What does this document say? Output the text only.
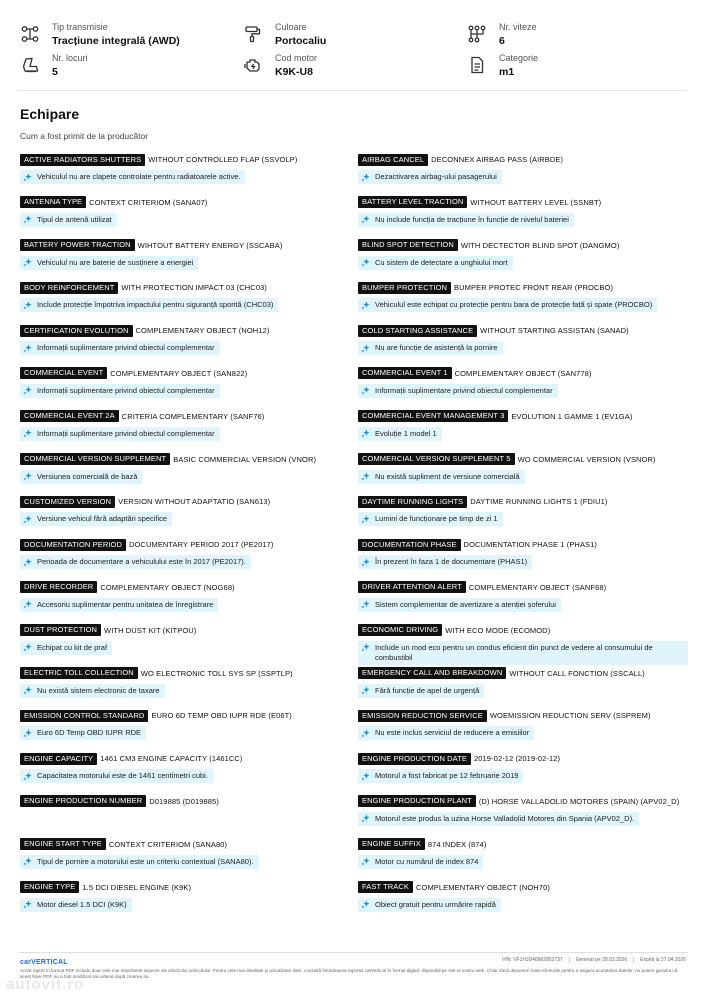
Tip transmisie
Tracțiune integrală (AWD)
Culoare
Portocaliu
Nr. viteze
6
Nr. locuri
5
Cod motor
K9K-U8
Categorie
m1
Echipare
Cum a fost primit de la producător
ACTIVE RADIATORS SHUTTERS WITHOUT CONTROLLED FLAP (SSVOLP)
Vehiculul nu are clapete controlate pentru radiatoarele active.
ANTENNA TYPE CONTEXT CRITERIOM (SANA07)
Tipul de antenă utilizat
BATTERY POWER TRACTION WIHTOUT BATTERY ENERGY (SSCABA)
Vehiculul nu are baterie de susținere a energiei
BODY REINFORCEMENT WITH PROTECTION IMPACT 03 (CHC03)
Include protecție împotriva impactului pentru siguranță sporită (CHC03)
CERTIFICATION EVOLUTION COMPLEMENTARY OBJECT (NOH12)
Informații suplimentare privind obiectul complementar
COMMERCIAL EVENT COMPLEMENTARY OBJECT (SAN822)
Informații suplimentare privind obiectul complementar
COMMERCIAL EVENT 2A CRITERIA COMPLEMENTARY (SANF76)
Informații suplimentare privind obiectul complementar
COMMERCIAL VERSION SUPPLEMENT BASIC COMMERCIAL VERSION (VNOR)
Versiunea comercială de bază
CUSTOMIZED VERSION VERSION WITHOUT ADAPTATIO (SAN613)
Versiune vehicul fără adaptări specifice
DOCUMENTATION PERIOD DOCUMENTARY PERIOD 2017 (PE2017)
Perioada de documentare a vehiculului este în 2017 (PE2017).
DRIVE RECORDER COMPLEMENTARY OBJECT (NOG68)
Accesoriu suplimentar pentru unitatea de înregistrare
DUST PROTECTION WITH DUST KIT (KITPOU)
Echipat cu kit de praf
ELECTRIC TOLL COLLECTION WO ELECTRONIC TOLL SYS SP (SSPTLP)
Nu există sistem electronic de taxare
EMISSION CONTROL STANDARD EURO 6D TEMP OBD IUPR RDE (E06T)
Euro 6D Temp OBD IUPR RDE
ENGINE CAPACITY 1461 CM3 ENGINE CAPACITY (1461CC)
Capacitatea motorului este de 1461 centimetri cubi.
ENGINE PRODUCTION NUMBER D019885 (D019885)
ENGINE START TYPE CONTEXT CRITERIOM (SANA80)
Tipul de pornire a motorului este un criteriu contextual (SANA80).
ENGINE TYPE 1.5 DCI DIESEL ENGINE (K9K)
Motor diesel 1.5 DCI (K9K)
AIRBAG CANCEL DECONNEX AIRBAG PASS (AIRBDE)
Dezactivarea airbag-ului pasagerului
BATTERY LEVEL TRACTION WITHOUT BATTERY LEVEL (SSNBT)
Nu include funcția de tracțiune în funcție de nivelul bateriei
BLIND SPOT DETECTION WITH DECTECTOR BLIND SPOT (DANGMO)
Cu sistem de detectare a unghiului mort
BUMPER PROTECTION BUMPER PROTEC FRONT REAR (PROCBO)
Vehiculul este echipat cu protecție pentru bara de protecție față și spate (PROCBO)
COLD STARTING ASSISTANCE WITHOUT STARTING ASSISTAN (SANAD)
Nu are funcție de asistență la pornire
COMMERCIAL EVENT 1 COMPLEMENTARY OBJECT (SAN778)
Informații suplimentare privind obiectul complementar
COMMERCIAL EVENT MANAGEMENT 3 EVOLUTION 1 GAMME 1 (EV1GA)
Evoluție 1 model 1
COMMERCIAL VERSION SUPPLEMENT 5 WO COMMERCIAL VERSION (VSNOR)
Nu există supliment de versiune comercială
DAYTIME RUNNING LIGHTS DAYTIME RUNNING LIGHTS 1 (FDIU1)
Lumini de funcționare pe timp de zi 1
DOCUMENTATION PHASE DOCUMENTATION PHASE 1 (PHAS1)
În prezent în faza 1 de documentare (PHAS1)
DRIVER ATTENTION ALERT COMPLEMENTARY OBJECT (SANF68)
Sistem complementar de avertizare a atenției șoferului
ECONOMIC DRIVING WITH ECO MODE (ECOMOD)
Include un mod eco pentru un condus eficient din punct de vedere al consumului de combustibil
EMERGENCY CALL AND BREAKDOWN WITHOUT CALL FONCTION (SSCALL)
Fără funcție de apel de urgență
EMISSION REDUCTION SERVICE WOEMISSION REDUCTION SERV (SSPREM)
Nu este inclus serviciul de reducere a emisiilor
ENGINE PRODUCTION DATE 2019-02-12 (2019-02-12)
Motorul a fost fabricat pe 12 februarie 2019
ENGINE PRODUCTION PLANT (D) HORSE VALLADOLID MOTORES (SPAIN) (APV02_D)
Motorul este produs la uzina Horse Valladolid Motores din Spania (APV02_D).
ENGINE SUFFIX 874 INDEX (874)
Motor cu numărul de index 874
FAST TRACK COMPLEMENTARY OBJECT (NOH70)
Obiect gratuit pentru urmărire rapidă
carVERTICAL	VIN: VF1HJD40962802737	Generat pe 28.03.2026	Expiră la 27.04.2026
Acest raport în format PDF include doar cele mai importante aspecte ale istoricului vehiculului. Pentru cele mai detaliate și actualizate date, consultă întotdeauna raportul carVertical în format digital, disponibil pe site-ul nostru web. Chiar dacă depunem toate eforturile pentru a asigura acuratețea datelor, nu putem garanta că acest fișier PDF nu a fost modificat sau alterat după crearea sa.
autovit.ro
